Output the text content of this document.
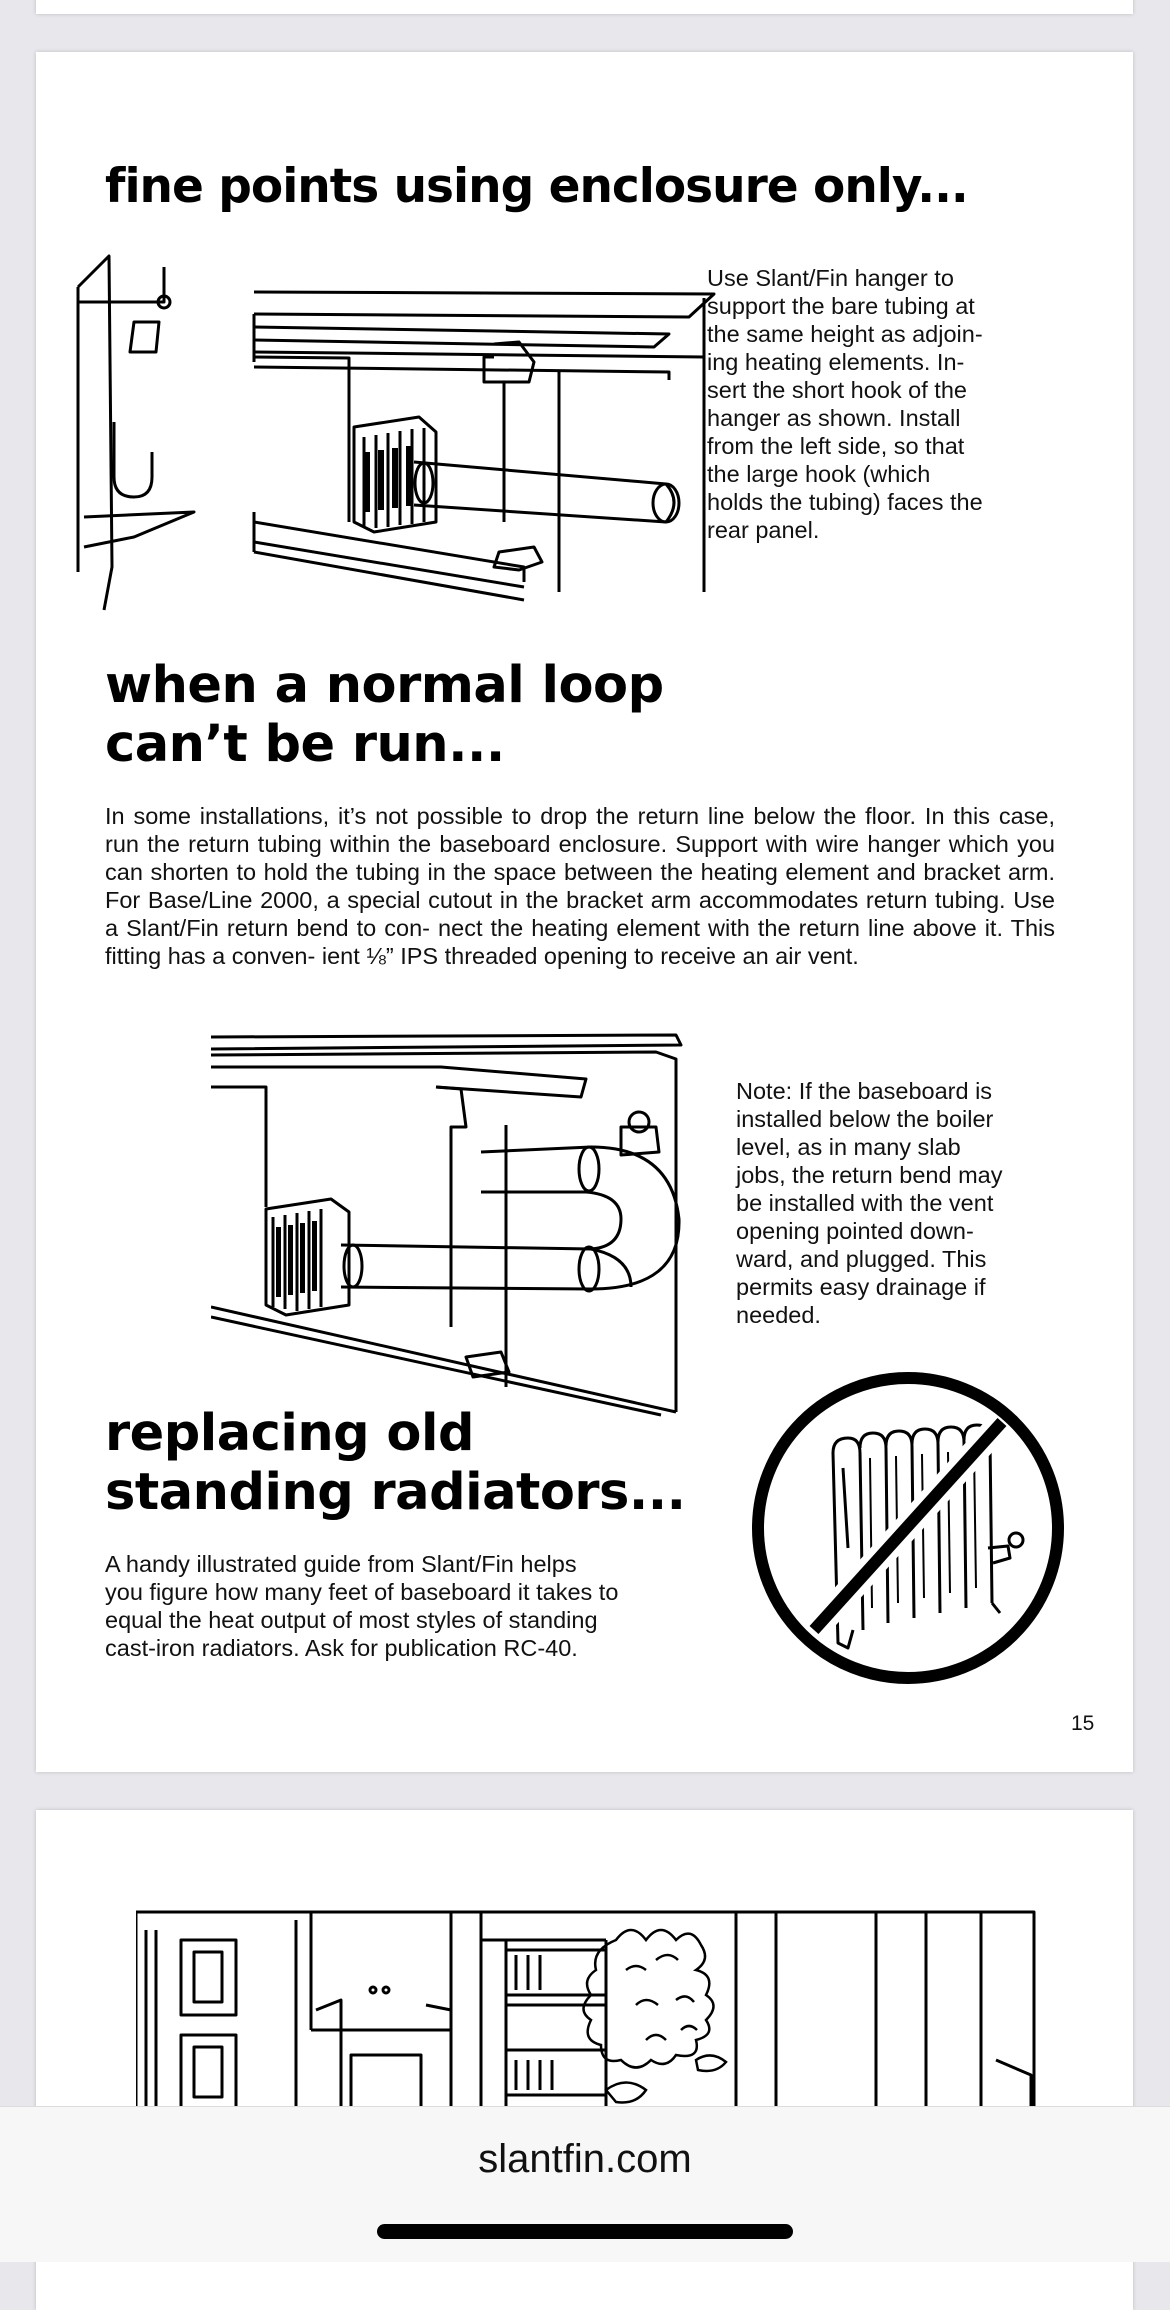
fine points using enclosure only...

Use Slant/Fin hanger to
support the bare tubing at
the same height as adjoin-
ing heating elements. In-
sert the short hook of the
hanger as shown. Install
from the left side, so that
the large hook (which
holds the tubing) faces the
rear panel.

when a normal loop
can’t be run...

In some installations, it’s not possible to drop the return line below the floor. In this case, run the return tubing within the baseboard enclosure. Support with wire hanger which you can shorten to hold the tubing in the space between the heating element and bracket arm. For Base/Line 2000, a special cutout in the bracket arm accommodates return tubing. Use a Slant/Fin return bend to con- nect the heating element with the return line above it. This fitting has a conven- ient ⅛” IPS threaded opening to receive an air vent.

Note: If the baseboard is
installed below the boiler
level, as in many slab
jobs, the return bend may
be installed with the vent
opening pointed down-
ward, and plugged. This
permits easy drainage if
needed.

replacing old
standing radiators...

A handy illustrated guide from Slant/Fin helps
you figure how many feet of baseboard it takes to
equal the heat output of most styles of standing
cast-iron radiators. Ask for publication RC-40.

15
slantfin.com
